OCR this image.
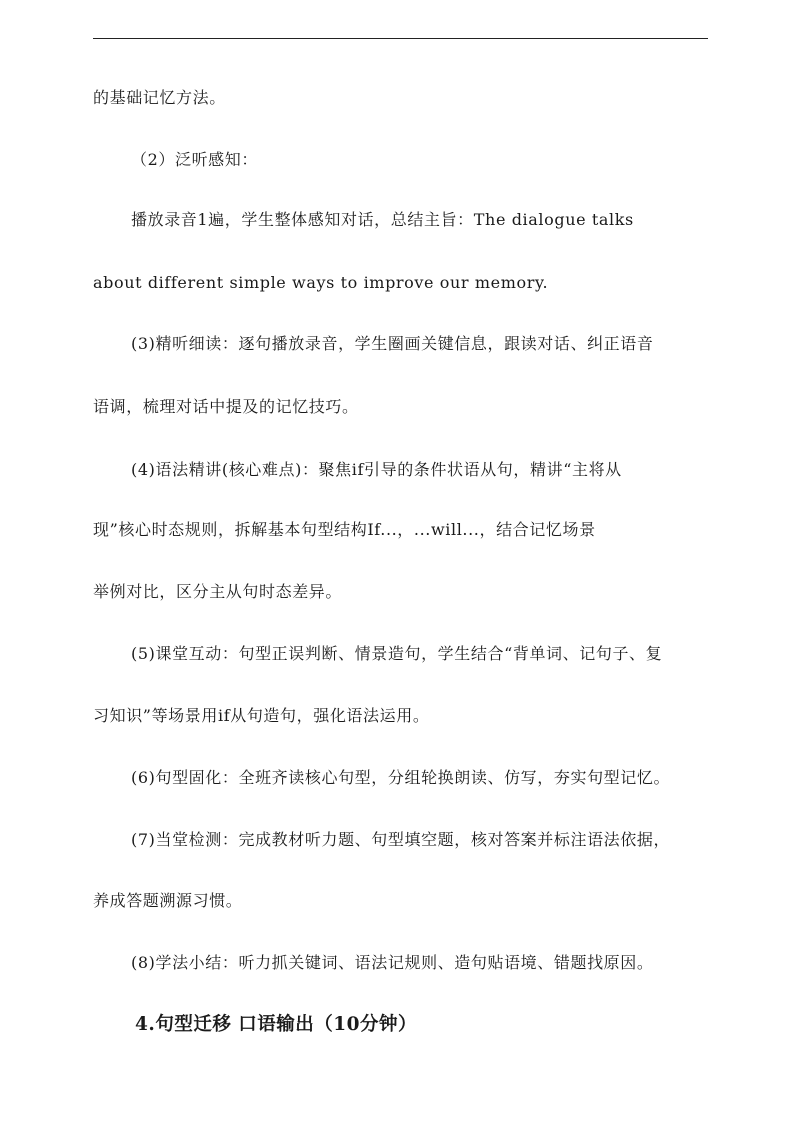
的基础记忆方法。
（2）泛听感知：
播放录音1遍，学生整体感知对话，总结主旨：The dialogue talks
about different simple ways to improve our memory.
(3)精听细读：逐句播放录音，学生圈画关键信息，跟读对话、纠正语音
语调，梳理对话中提及的记忆技巧。
(4)语法精讲(核心难点)：聚焦if引导的条件状语从句，精讲“主将从
现”核心时态规则，拆解基本句型结构If...，...will...，结合记忆场景
举例对比，区分主从句时态差异。
(5)课堂互动：句型正误判断、情景造句，学生结合“背单词、记句子、复
习知识”等场景用if从句造句，强化语法运用。
(6)句型固化：全班齐读核心句型，分组轮换朗读、仿写，夯实句型记忆。
(7)当堂检测：完成教材听力题、句型填空题，核对答案并标注语法依据，
养成答题溯源习惯。
(8)学法小结：听力抓关键词、语法记规则、造句贴语境、错题找原因。
4.句型迁移 口语输出（10分钟）
